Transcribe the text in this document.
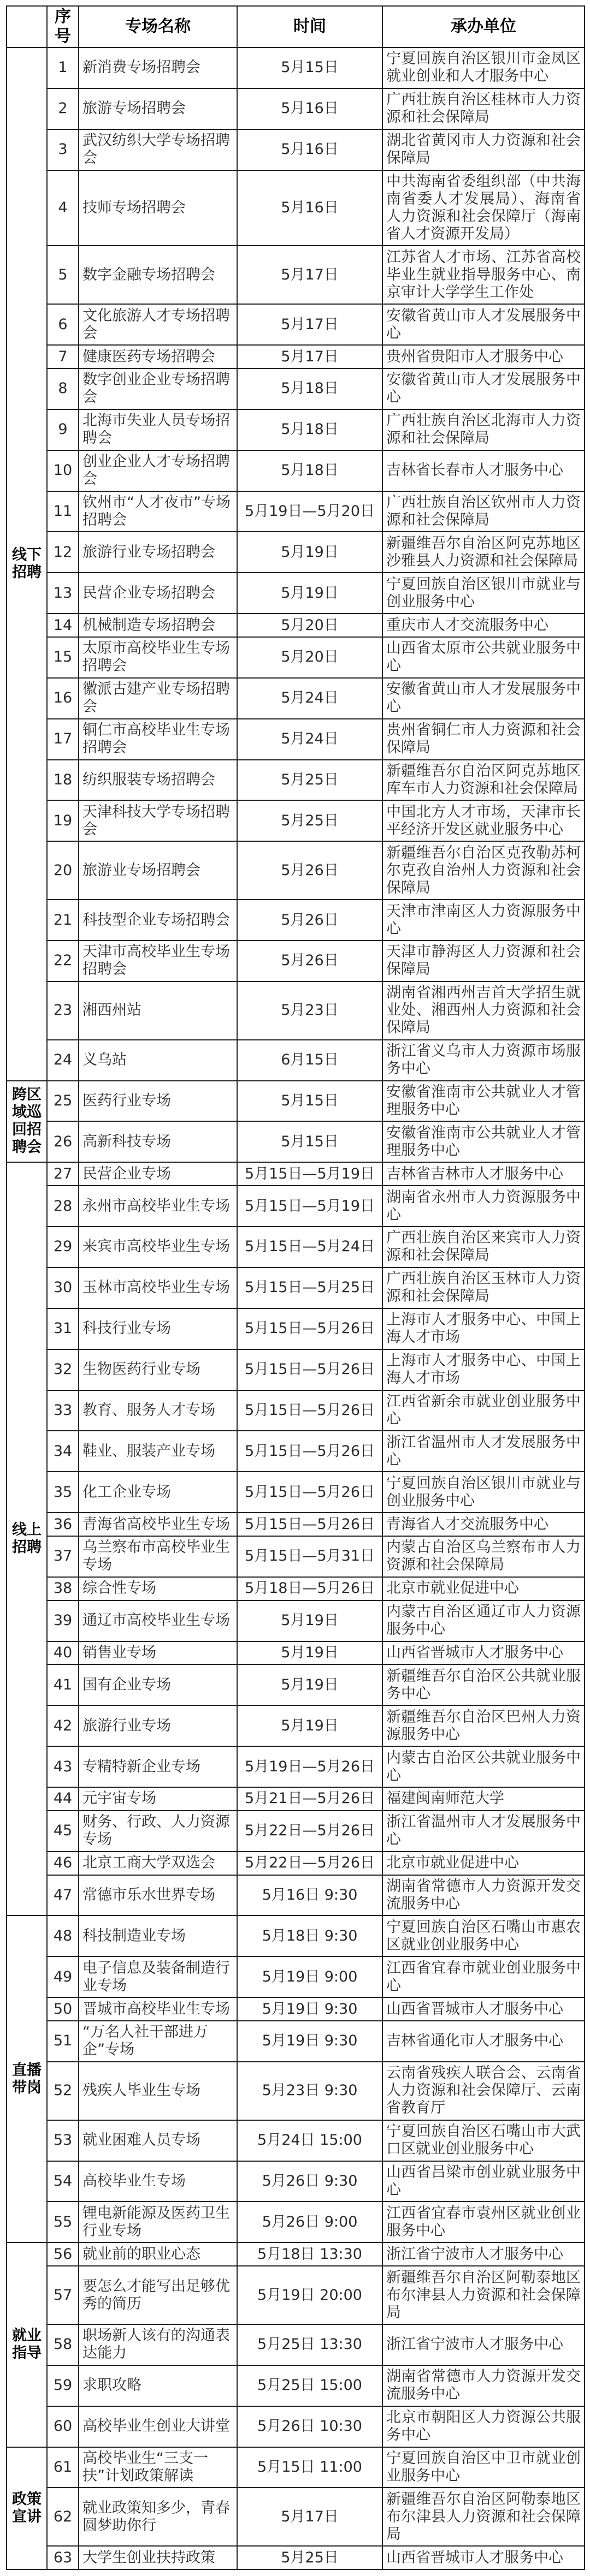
	序号	专场名称	时间	承办单位
线下招聘	1	新消费专场招聘会	5月15日	宁夏回族自治区银川市金凤区就业创业和人才服务中心
	2	旅游专场招聘会	5月16日	广西壮族自治区桂林市人力资源和社会保障局
	3	武汉纺织大学专场招聘会	5月16日	湖北省黄冈市人力资源和社会保障局
	4	技师专场招聘会	5月16日	中共海南省委组织部（中共海南省委人才发展局）、海南省人力资源和社会保障厅（海南省人才资源开发局）
	5	数字金融专场招聘会	5月17日	江苏省人才市场、江苏省高校毕业生就业指导服务中心、南京审计大学学生工作处
	6	文化旅游人才专场招聘会	5月17日	安徽省黄山市人才发展服务中心
	7	健康医药专场招聘会	5月17日	贵州省贵阳市人才服务中心
	8	数字创业企业专场招聘会	5月18日	安徽省黄山市人才发展服务中心
	9	北海市失业人员专场招聘会	5月18日	广西壮族自治区北海市人力资源和社会保障局
	10	创业企业人才专场招聘会	5月18日	吉林省长春市人才服务中心
	11	钦州市“人才夜市”专场招聘会	5月19日—5月20日	广西壮族自治区钦州市人力资源和社会保障局
	12	旅游行业专场招聘会	5月19日	新疆维吾尔自治区阿克苏地区沙雅县人力资源和社会保障局
	13	民营企业专场招聘会	5月19日	宁夏回族自治区银川市就业与创业服务中心
	14	机械制造专场招聘会	5月20日	重庆市人才交流服务中心
	15	太原市高校毕业生专场招聘会	5月20日	山西省太原市公共就业服务中心
	16	徽派古建产业专场招聘会	5月24日	安徽省黄山市人才发展服务中心
	17	铜仁市高校毕业生专场招聘会	5月24日	贵州省铜仁市人力资源和社会保障局
	18	纺织服装专场招聘会	5月25日	新疆维吾尔自治区阿克苏地区库车市人力资源和社会保障局
	19	天津科技大学专场招聘会	5月25日	中国北方人才市场，天津市长平经济开发区就业服务中心
	20	旅游业专场招聘会	5月26日	新疆维吾尔自治区克孜勒苏柯尔克孜自治州人力资源和社会保障局
	21	科技型企业专场招聘会	5月26日	天津市津南区人力资源服务中心
	22	天津市高校毕业生专场招聘会	5月26日	天津市静海区人力资源和社会保障局
	23	湘西州站	5月23日	湖南省湘西州吉首大学招生就业处、湘西州人力资源和社会保障局
	24	义乌站	6月15日	浙江省义乌市人力资源市场服务中心
跨区域巡回招聘会	25	医药行业专场	5月15日	安徽省淮南市公共就业人才管理服务中心
	26	高新科技专场	5月15日	安徽省淮南市公共就业人才管理服务中心
线上招聘	27	民营企业专场	5月15日—5月19日	吉林省吉林市人才服务中心
	28	永州市高校毕业生专场	5月15日—5月19日	湖南省永州市人力资源服务中心
	29	来宾市高校毕业生专场	5月15日—5月24日	广西壮族自治区来宾市人力资源和社会保障局
	30	玉林市高校毕业生专场	5月15日—5月25日	广西壮族自治区玉林市人力资源和社会保障局
	31	科技行业专场	5月15日—5月26日	上海市人才服务中心、中国上海人才市场
	32	生物医药行业专场	5月15日—5月26日	上海市人才服务中心、中国上海人才市场
	33	教育、服务人才专场	5月15日—5月26日	江西省新余市就业创业服务中心
	34	鞋业、服装产业专场	5月15日—5月26日	浙江省温州市人才发展服务中心
	35	化工企业专场	5月15日—5月26日	宁夏回族自治区银川市就业与创业服务中心
	36	青海省高校毕业生专场	5月15日—5月26日	青海省人才交流服务中心
	37	乌兰察布市高校毕业生专场	5月15日—5月31日	内蒙古自治区乌兰察布市人力资源和社会保障局
	38	综合性专场	5月18日—5月26日	北京市就业促进中心
	39	通辽市高校毕业生专场	5月19日	内蒙古自治区通辽市人力资源服务中心
	40	销售业专场	5月19日	山西省晋城市人才服务中心
	41	国有企业专场	5月19日	新疆维吾尔自治区公共就业服务中心
	42	旅游行业专场	5月19日	新疆维吾尔自治区巴州人力资源服务中心
	43	专精特新企业专场	5月19日—5月26日	内蒙古自治区公共就业服务中心
	44	元宇宙专场	5月21日—5月26日	福建闽南师范大学
	45	财务、行政、人力资源专场	5月22日—5月26日	浙江省温州市人才发展服务中心
	46	北京工商大学双选会	5月22日—5月26日	北京市就业促进中心
	47	常德市乐水世界专场	5月16日 9:30	湖南省常德市人力资源开发交流服务中心
直播带岗	48	科技制造业专场	5月18日 9:30	宁夏回族自治区石嘴山市惠农区就业创业服务中心
	49	电子信息及装备制造行业专场	5月19日 9:00	江西省宜春市就业创业服务中心
	50	晋城市高校毕业生专场	5月19日 9:30	山西省晋城市人才服务中心
	51	“万名人社干部进万企”专场	5月19日 9:30	吉林省通化市人才服务中心
	52	残疾人毕业生专场	5月23日 9:30	云南省残疾人联合会、云南省人力资源和社会保障厅、云南省教育厅
	53	就业困难人员专场	5月24日 15:00	宁夏回族自治区石嘴山市大武口区就业创业服务中心
	54	高校毕业生专场	5月26日 9:30	山西省吕梁市创业就业服务中心
	55	锂电新能源及医药卫生行业专场	5月26日 9:00	江西省宜春市袁州区就业创业服务中心
就业指导	56	就业前的职业心态	5月18日 13:30	浙江省宁波市人才服务中心
	57	要怎么才能写出足够优秀的简历	5月19日 20:00	新疆维吾尔自治区阿勒泰地区布尔津县人力资源和社会保障局
	58	职场新人该有的沟通表达能力	5月25日 13:30	浙江省宁波市人才服务中心
	59	求职攻略	5月25日 15:00	湖南省常德市人力资源开发交流服务中心
	60	高校毕业生创业大讲堂	5月26日 10:30	北京市朝阳区人力资源公共服务中心
政策宣讲	61	高校毕业生“三支一扶”计划政策解读	5月15日 11:00	宁夏回族自治区中卫市就业创业服务中心
	62	就业政策知多少，青春圆梦助你行	5月17日	新疆维吾尔自治区阿勒泰地区布尔津县人力资源和社会保障局
	63	大学生创业扶持政策	5月25日	山西省晋城市人才服务中心
